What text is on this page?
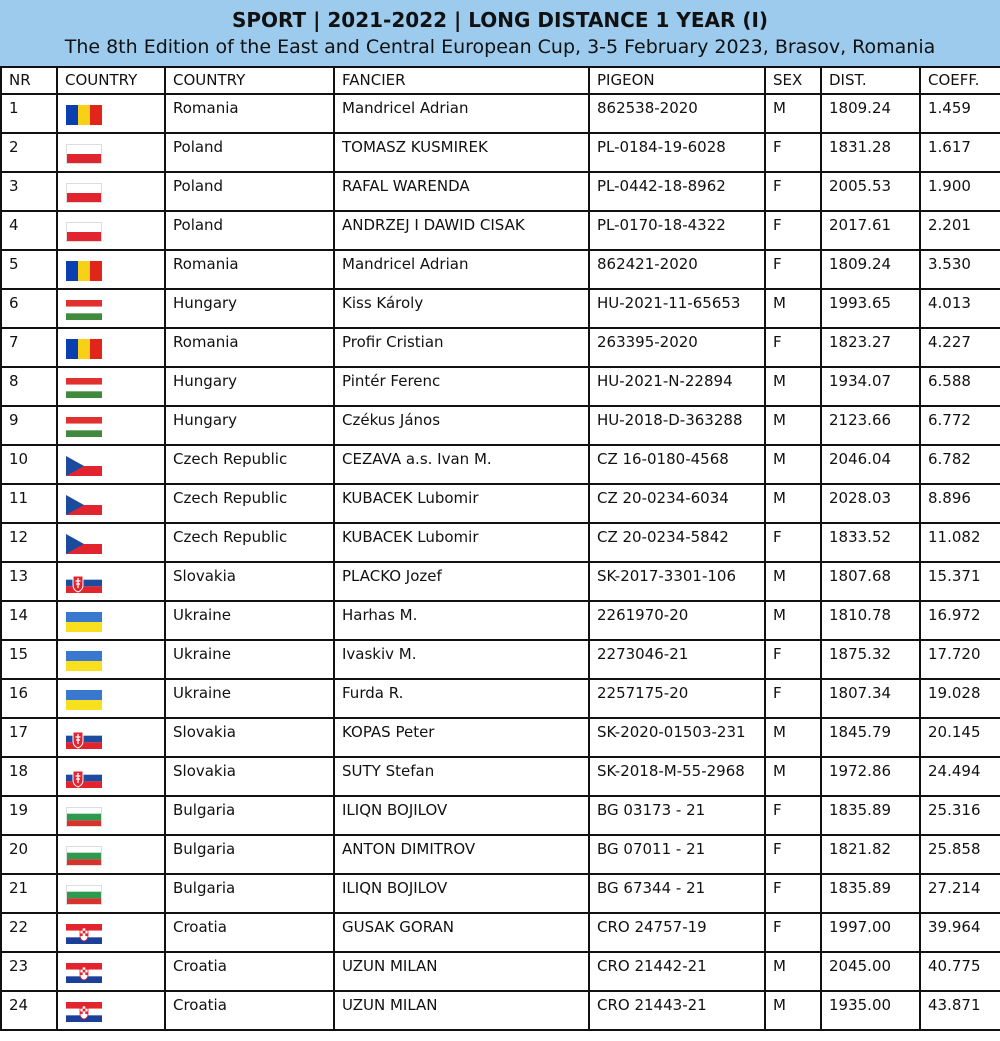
SPORT | 2021-2022 | LONG DISTANCE 1 YEAR (I)
The 8th Edition of the East and Central European Cup, 3-5 February 2023, Brasov, Romania
NR	COUNTRY	COUNTRY	FANCIER	PIGEON	SEX	DIST.	COEFF.
1		Romania	Mandricel Adrian	862538-2020	M	1809.24	1.459
2		Poland	TOMASZ KUSMIREK	PL-0184-19-6028	F	1831.28	1.617
3		Poland	RAFAL WARENDA	PL-0442-18-8962	F	2005.53	1.900
4		Poland	ANDRZEJ I DAWID CISAK	PL-0170-18-4322	F	2017.61	2.201
5		Romania	Mandricel Adrian	862421-2020	F	1809.24	3.530
6		Hungary	Kiss Károly	HU-2021-11-65653	M	1993.65	4.013
7		Romania	Profir Cristian	263395-2020	F	1823.27	4.227
8		Hungary	Pintér Ferenc	HU-2021-N-22894	M	1934.07	6.588
9		Hungary	Czékus János	HU-2018-D-363288	M	2123.66	6.772
10		Czech Republic	CEZAVA a.s. Ivan M.	CZ 16-0180-4568	M	2046.04	6.782
11		Czech Republic	KUBACEK Lubomir	CZ 20-0234-6034	M	2028.03	8.896
12		Czech Republic	KUBACEK Lubomir	CZ 20-0234-5842	F	1833.52	11.082
13		Slovakia	PLACKO Jozef	SK-2017-3301-106	M	1807.68	15.371
14		Ukraine	Harhas M.	2261970-20	M	1810.78	16.972
15		Ukraine	Ivaskiv M.	2273046-21	F	1875.32	17.720
16		Ukraine	Furda R.	2257175-20	F	1807.34	19.028
17		Slovakia	KOPAS Peter	SK-2020-01503-231	M	1845.79	20.145
18		Slovakia	SUTY Stefan	SK-2018-M-55-2968	M	1972.86	24.494
19		Bulgaria	ILIQN BOJILOV	BG 03173 - 21	F	1835.89	25.316
20		Bulgaria	ANTON DIMITROV	BG 07011 - 21	F	1821.82	25.858
21		Bulgaria	ILIQN BOJILOV	BG 67344 - 21	F	1835.89	27.214
22		Croatia	GUSAK GORAN	CRO 24757-19	F	1997.00	39.964
23		Croatia	UZUN MILAN	CRO 21442-21	M	2045.00	40.775
24		Croatia	UZUN MILAN	CRO 21443-21	M	1935.00	43.871
